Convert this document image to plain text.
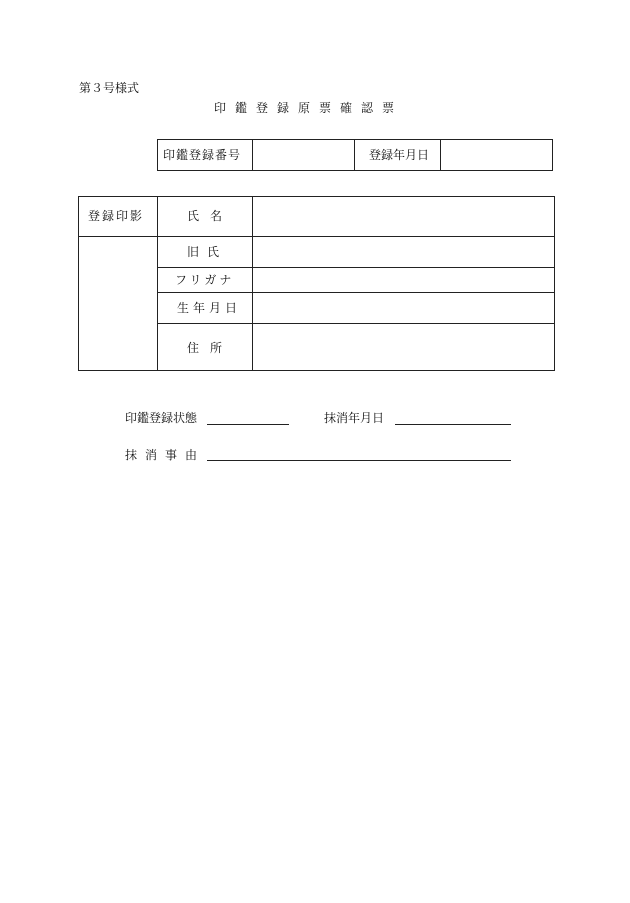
第３号様式
印鑑登録原票確認票
印鑑登録番号	登録年月日
登録印影	氏名
旧氏
フリガナ
生年月日
住所
印鑑登録状態	抹消年月日
抹消事由
